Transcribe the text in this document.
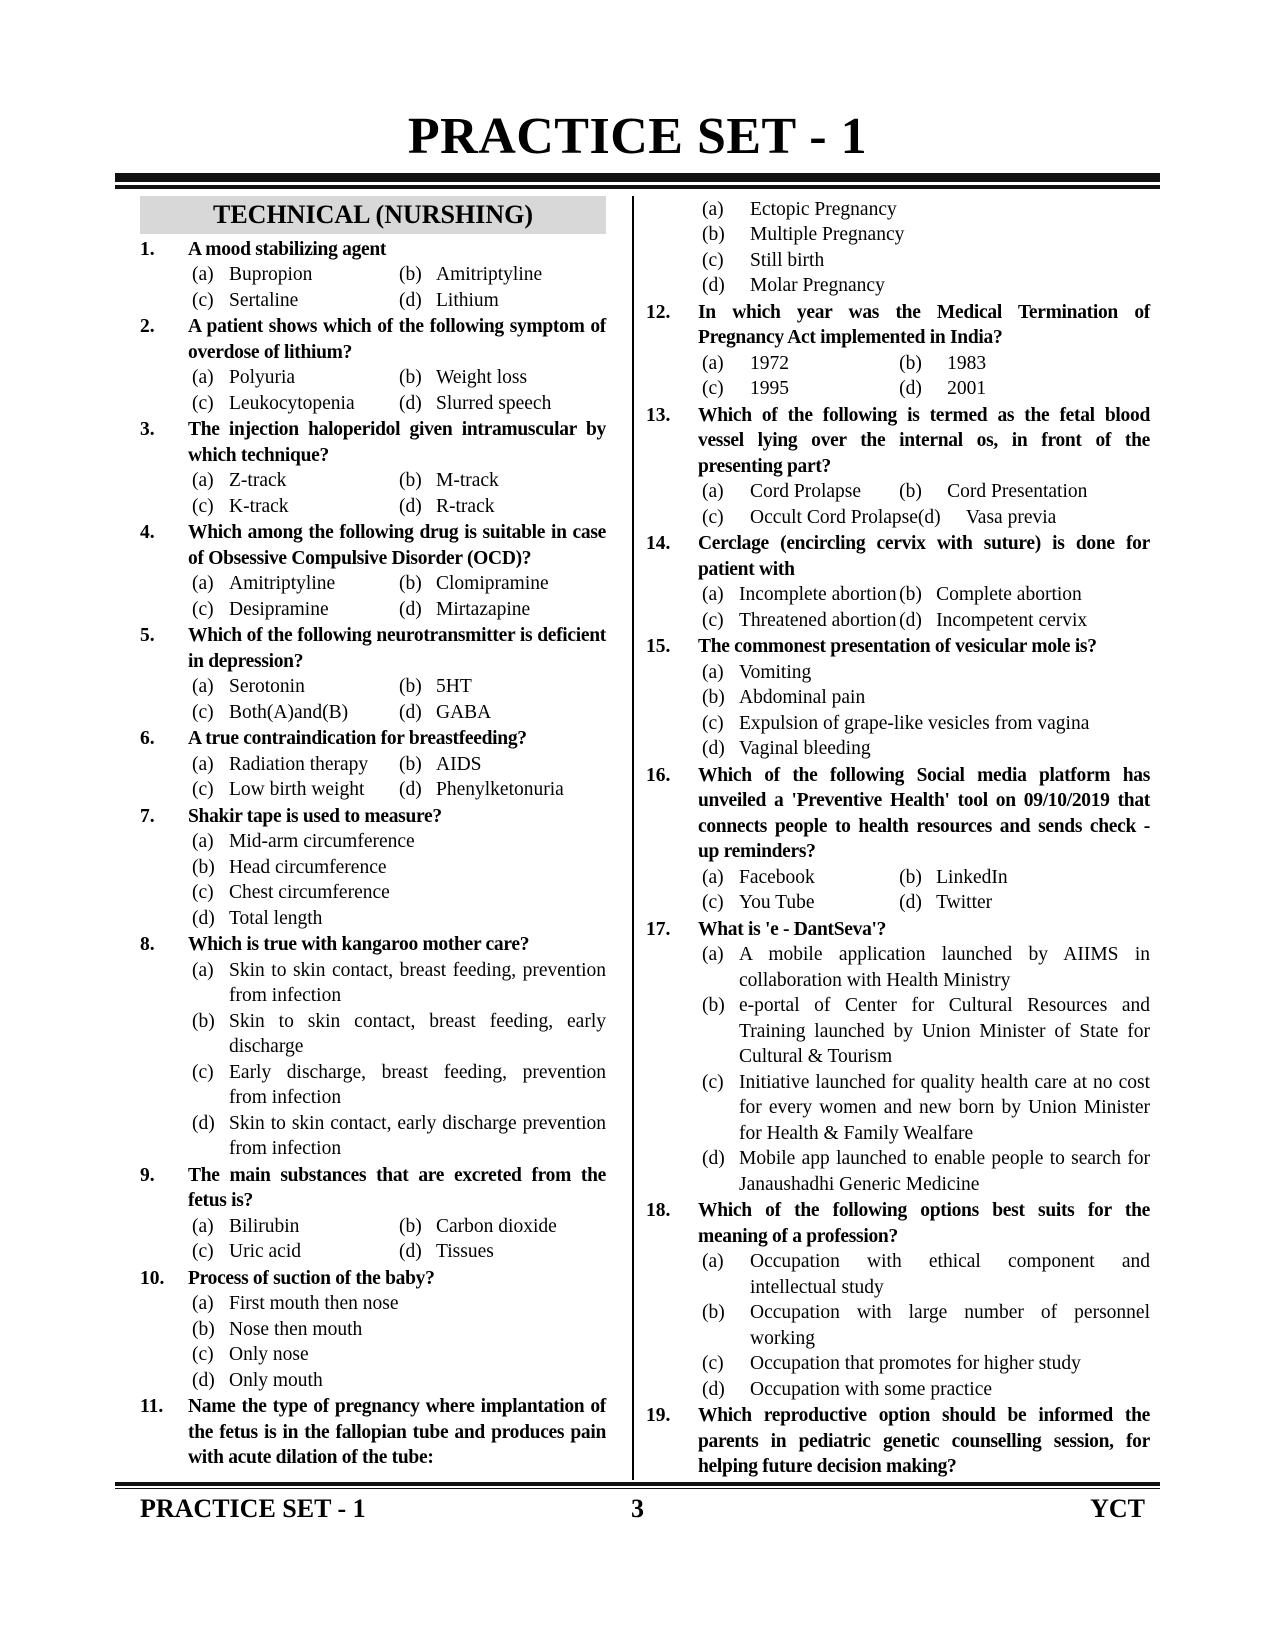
PRACTICE SET - 1
TECHNICAL (NURSHING)
1.	A mood stabilizing agent
(a) Bupropion	(b) Amitriptyline
(c) Sertaline	(d) Lithium
2.	A patient shows which of the following symptom of overdose of lithium?
(a) Polyuria	(b) Weight loss
(c) Leukocytopenia (d) Slurred speech
3.	The injection haloperidol given intramuscular by which technique?
(a) Z-track	(b) M-track
(c) K-track	(d) R-track
4.	Which among the following drug is suitable in case of Obsessive Compulsive Disorder (OCD)?
(a) Amitriptyline	(b) Clomipramine
(c) Desipramine	(d) Mirtazapine
5.	Which of the following neurotransmitter is deficient in depression?
(a) Serotonin	(b) 5HT
(c) Both(A)and(B)	(d) GABA
6.	A true contraindication for breastfeeding?
(a) Radiation therapy (b) AIDS
(c) Low birth weight (d) Phenylketonuria
7.	Shakir tape is used to measure?
(a) Mid-arm circumference
(b) Head circumference
(c) Chest circumference
(d) Total length
8.	Which is true with kangaroo mother care?
(a) Skin to skin contact, breast feeding, prevention from infection
(b) Skin to skin contact, breast feeding, early discharge
(c) Early discharge, breast feeding, prevention from infection
(d) Skin to skin contact, early discharge prevention from infection
9.	The main substances that are excreted from the fetus is?
(a) Bilirubin	(b) Carbon dioxide
(c) Uric acid	(d) Tissues
10.	Process of suction of the baby?
(a) First mouth then nose
(b) Nose then mouth
(c) Only nose
(d) Only mouth
11.	Name the type of pregnancy where implantation of the fetus is in the fallopian tube and produces pain with acute dilation of the tube:
(a)	Ectopic Pregnancy
(b)	Multiple Pregnancy
(c)	Still birth
(d)	Molar Pregnancy
12.	In which year was the Medical Termination of Pregnancy Act implemented in India?
(a)	1972	(b)	1983
(c)	1995	(d)	2001
13.	Which of the following is termed as the fetal blood vessel lying over the internal os, in front of the presenting part?
(a)	Cord Prolapse (b)	Cord Presentation
(c)	Occult Cord Prolapse (d)	Vasa previa
14.	Cerclage (encircling cervix with suture) is done for patient with
(a) Incomplete abortion (b) Complete abortion
(c) Threatened abortion (d) Incompetent cervix
15.	The commonest presentation of vesicular mole is?
(a) Vomiting
(b) Abdominal pain
(c) Expulsion of grape-like vesicles from vagina
(d) Vaginal bleeding
16.	Which of the following Social media platform has unveiled a 'Preventive Health' tool on 09/10/2019 that connects people to health resources and sends check - up reminders?
(a) Facebook	(b) LinkedIn
(c) You Tube	(d) Twitter
17.	What is 'e - DantSeva'?
(a) A mobile application launched by AIIMS in collaboration with Health Ministry
(b) e-portal of Center for Cultural Resources and Training launched by Union Minister of State for Cultural & Tourism
(c) Initiative launched for quality health care at no cost for every women and new born by Union Minister for Health & Family Wealfare
(d) Mobile app launched to enable people to search for Janaushadhi Generic Medicine
18.	Which of the following options best suits for the meaning of a profession?
(a)	Occupation with ethical component and intellectual study
(b)	Occupation with large number of personnel working
(c)	Occupation that promotes for higher study
(d)	Occupation with some practice
19.	Which reproductive option should be informed the parents in pediatric genetic counselling session, for helping future decision making?
PRACTICE SET - 1	3	YCT
